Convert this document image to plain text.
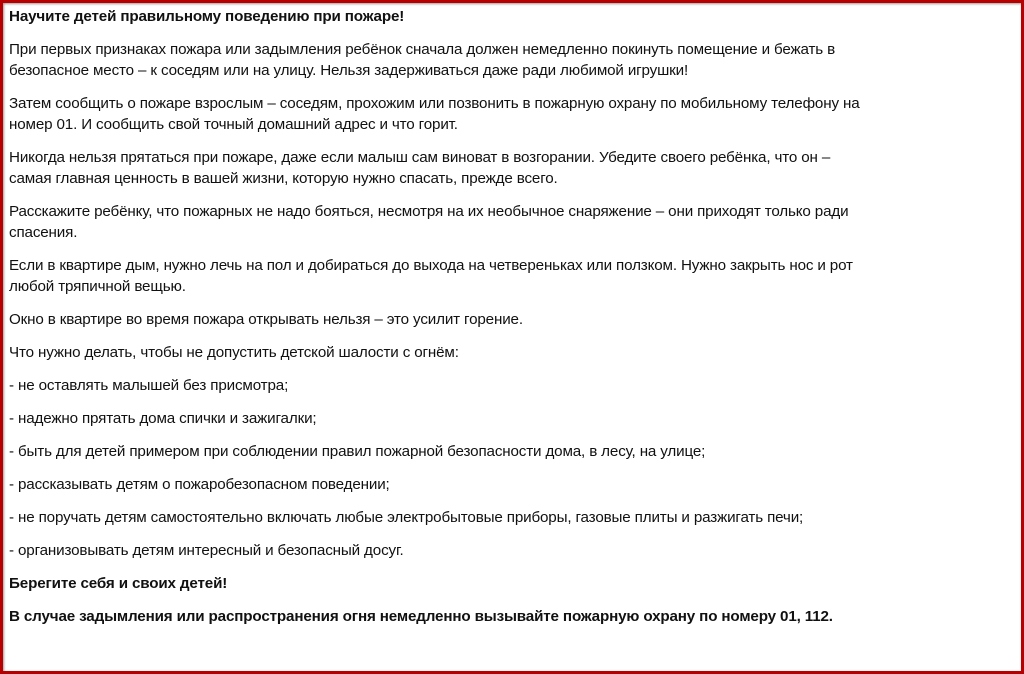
Научите детей правильному поведению при пожаре!

При первых признаках пожара или задымления ребёнок сначала должен немедленно покинуть помещение и бежать в
безопасное место – к соседям или на улицу. Нельзя задерживаться даже ради любимой игрушки!

Затем сообщить о пожаре взрослым – соседям, прохожим или позвонить в пожарную охрану по мобильному телефону на
номер 01. И сообщить свой точный домашний адрес и что горит.

Никогда нельзя прятаться при пожаре, даже если малыш сам виноват в возгорании. Убедите своего ребёнка, что он –
самая главная ценность в вашей жизни, которую нужно спасать, прежде всего.

Расскажите ребёнку, что пожарных не надо бояться, несмотря на их необычное снаряжение – они приходят только ради
спасения.

Если в квартире дым, нужно лечь на пол и добираться до выхода на четвереньках или ползком. Нужно закрыть нос и рот
любой тряпичной вещью.

Окно в квартире во время пожара открывать нельзя – это усилит горение.

Что нужно делать, чтобы не допустить детской шалости с огнём:

- не оставлять малышей без присмотра;

- надежно прятать дома спички и зажигалки;

- быть для детей примером при соблюдении правил пожарной безопасности дома, в лесу, на улице;

- рассказывать детям о пожаробезопасном поведении;

- не поручать детям самостоятельно включать любые электробытовые приборы, газовые плиты и разжигать печи;

- организовывать детям интересный и безопасный досуг.

Берегите себя и своих детей!

В случае задымления или распространения огня немедленно вызывайте пожарную охрану по номеру 01, 112.
